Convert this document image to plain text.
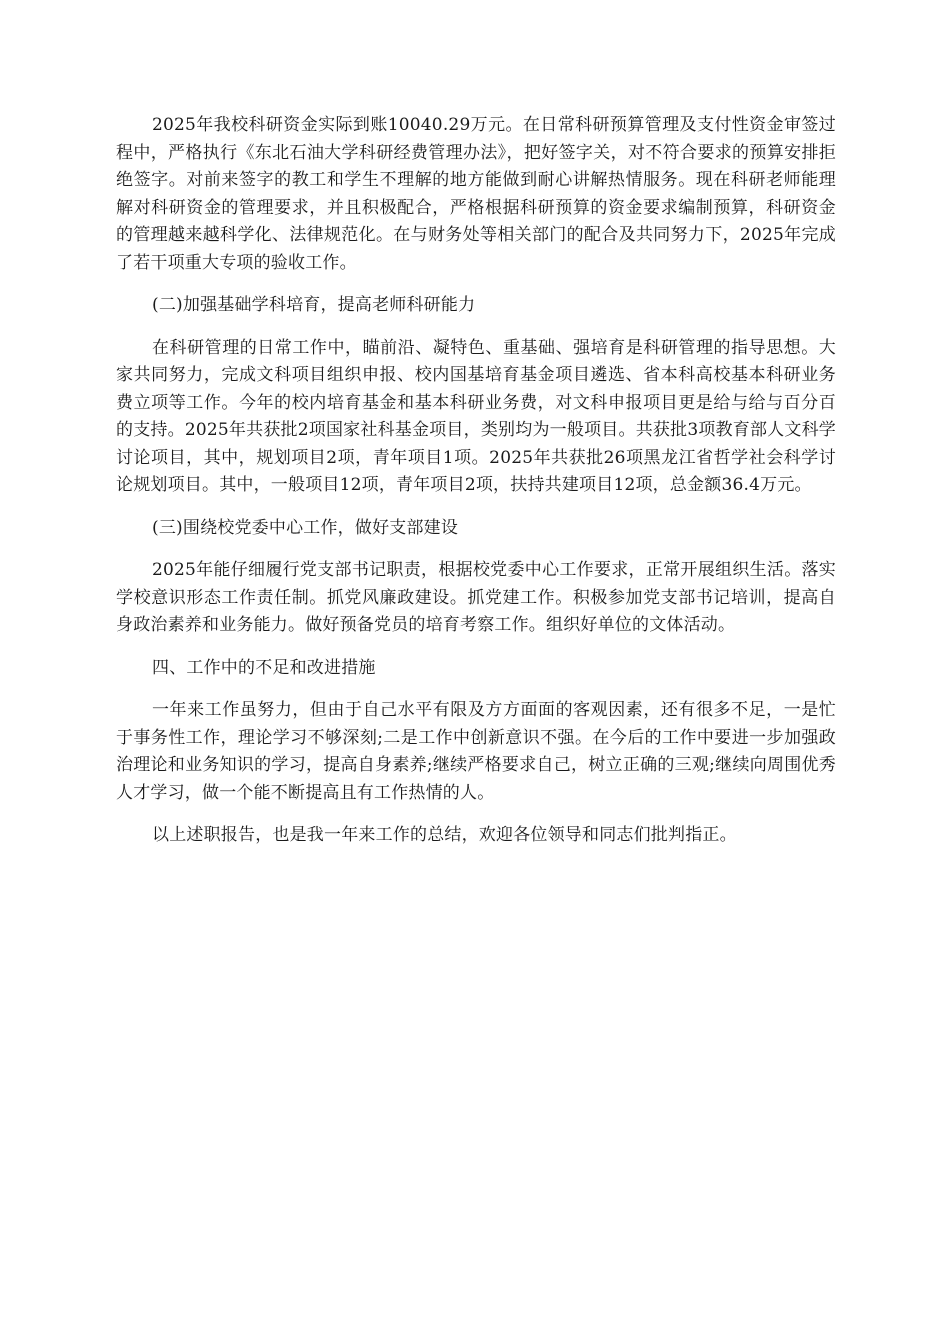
2025年我校科研资金实际到账10040.29万元。在日常科研预算管理及支付性资金审签过程中，严格执行《东北石油大学科研经费管理办法》，把好签字关，对不符合要求的预算安排拒绝签字。对前来签字的教工和学生不理解的地方能做到耐心讲解热情服务。现在科研老师能理解对科研资金的管理要求，并且积极配合，严格根据科研预算的资金要求编制预算，科研资金的管理越来越科学化、法律规范化。在与财务处等相关部门的配合及共同努力下，2025年完成了若干项重大专项的验收工作。

(二)加强基础学科培育，提高老师科研能力

在科研管理的日常工作中，瞄前沿、凝特色、重基础、强培育是科研管理的指导思想。大家共同努力，完成文科项目组织申报、校内国基培育基金项目遴选、省本科高校基本科研业务费立项等工作。今年的校内培育基金和基本科研业务费，对文科申报项目更是给与给与百分百的支持。2025年共获批2项国家社科基金项目，类别均为一般项目。共获批3项教育部人文科学讨论项目，其中，规划项目2项，青年项目1项。2025年共获批26项黑龙江省哲学社会科学讨论规划项目。其中，一般项目12项，青年项目2项，扶持共建项目12项，总金额36.4万元。

(三)围绕校党委中心工作，做好支部建设

2025年能仔细履行党支部书记职责，根据校党委中心工作要求，正常开展组织生活。落实学校意识形态工作责任制。抓党风廉政建设。抓党建工作。积极参加党支部书记培训，提高自身政治素养和业务能力。做好预备党员的培育考察工作。组织好单位的文体活动。

四、工作中的不足和改进措施

一年来工作虽努力，但由于自己水平有限及方方面面的客观因素，还有很多不足，一是忙于事务性工作，理论学习不够深刻;二是工作中创新意识不强。在今后的工作中要进一步加强政治理论和业务知识的学习，提高自身素养;继续严格要求自己，树立正确的三观;继续向周围优秀人才学习，做一个能不断提高且有工作热情的人。

以上述职报告，也是我一年来工作的总结，欢迎各位领导和同志们批判指正。
